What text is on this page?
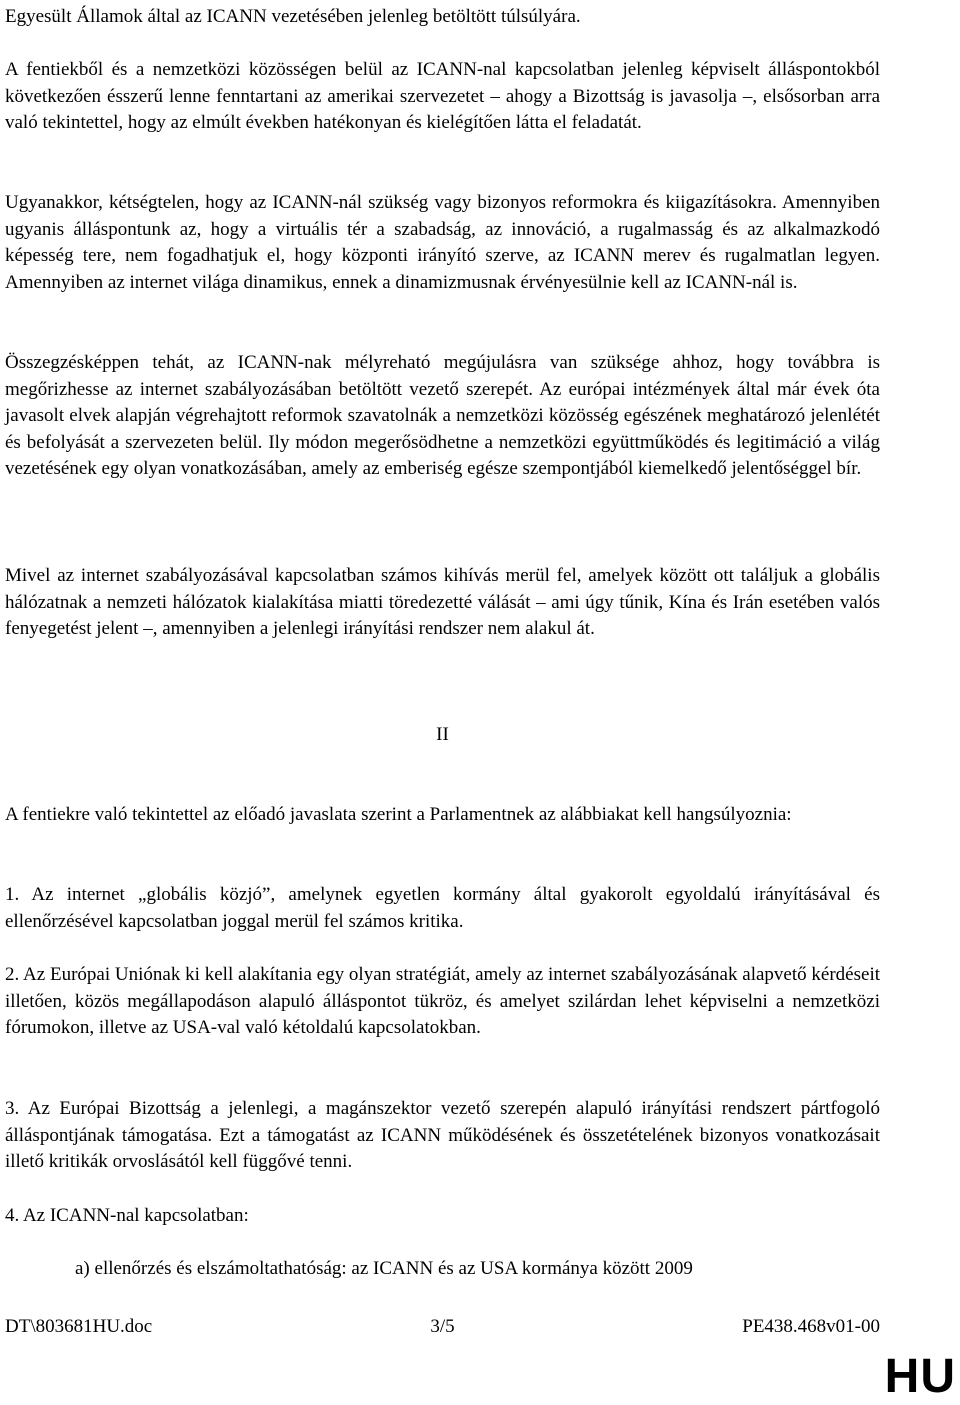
Egyesült Államok által az ICANN vezetésében jelenleg betöltött túlsúlyára.

A fentiekből és a nemzetközi közösségen belül az ICANN-nal kapcsolatban jelenleg képviselt álláspontokból következően ésszerű lenne fenntartani az amerikai szervezetet – ahogy a Bizottság is javasolja –, elsősorban arra való tekintettel, hogy az elmúlt években hatékonyan és kielégítően látta el feladatát.

Ugyanakkor, kétségtelen, hogy az ICANN-nál szükség vagy bizonyos reformokra és kiigazításokra. Amennyiben ugyanis álláspontunk az, hogy a virtuális tér a szabadság, az innováció, a rugalmasság és az alkalmazkodó képesség tere, nem fogadhatjuk el, hogy központi irányító szerve, az ICANN merev és rugalmatlan legyen. Amennyiben az internet világa dinamikus, ennek a dinamizmusnak érvényesülnie kell az ICANN-nál is.

Összegzésképpen tehát, az ICANN-nak mélyreható megújulásra van szüksége ahhoz, hogy továbbra is megőrizhesse az internet szabályozásában betöltött vezető szerepét. Az európai intézmények által már évek óta javasolt elvek alapján végrehajtott reformok szavatolnák a nemzetközi közösség egészének meghatározó jelenlétét és befolyását a szervezeten belül. Ily módon megerősödhetne a nemzetközi együttműködés és legitimáció a világ vezetésének egy olyan vonatkozásában, amely az emberiség egésze szempontjából kiemelkedő jelentőséggel bír.

Mivel az internet szabályozásával kapcsolatban számos kihívás merül fel, amelyek között ott találjuk a globális hálózatnak a nemzeti hálózatok kialakítása miatti töredezetté válását – ami úgy tűnik, Kína és Irán esetében valós fenyegetést jelent –, amennyiben a jelenlegi irányítási rendszer nem alakul át.

II

A fentiekre való tekintettel az előadó javaslata szerint a Parlamentnek az alábbiakat kell hangsúlyoznia:

1. Az internet „globális közjó”, amelynek egyetlen kormány által gyakorolt egyoldalú irányításával és ellenőrzésével kapcsolatban joggal merül fel számos kritika.

2. Az Európai Uniónak ki kell alakítania egy olyan stratégiát, amely az internet szabályozásának alapvető kérdéseit illetően, közös megállapodáson alapuló álláspontot tükröz, és amelyet szilárdan lehet képviselni a nemzetközi fórumokon, illetve az USA-val való kétoldalú kapcsolatokban.

3. Az Európai Bizottság a jelenlegi, a magánszektor vezető szerepén alapuló irányítási rendszert pártfogoló álláspontjának támogatása. Ezt a támogatást az ICANN működésének és összetételének bizonyos vonatkozásait illető kritikák orvoslásától kell függővé tenni.

4. Az ICANN-nal kapcsolatban:

a) ellenőrzés és elszámoltathatóság: az ICANN és az USA kormánya között 2009

DT\803681HU.doc	3/5	PE438.468v01-00
HU
